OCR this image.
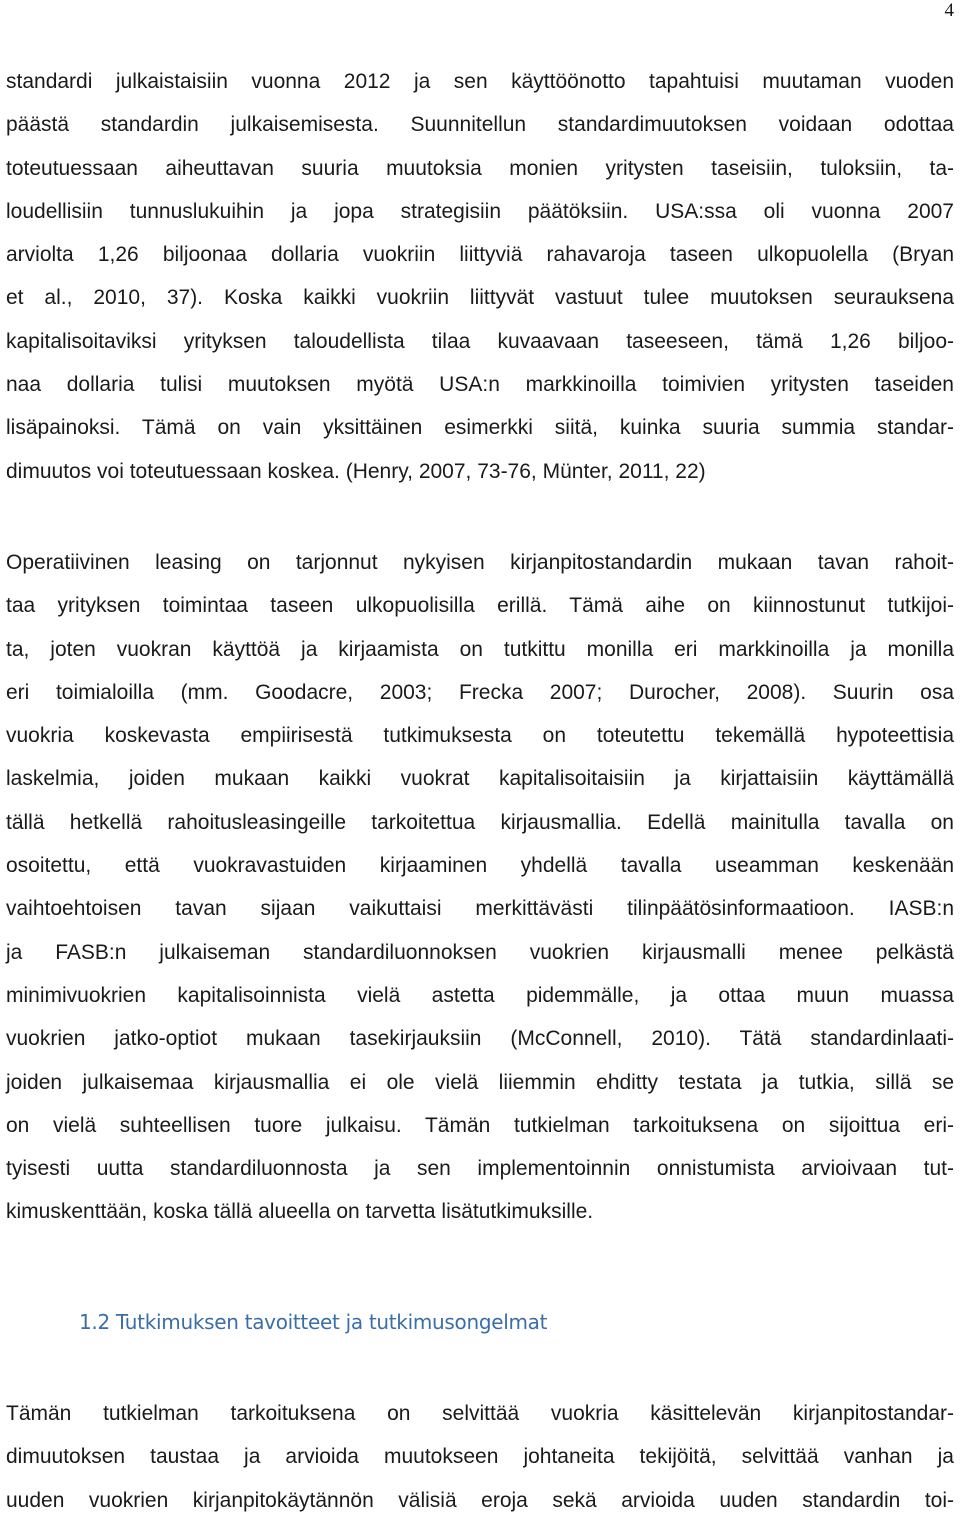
4
standardi julkaistaisiin vuonna 2012 ja sen käyttöönotto tapahtuisi muutaman vuoden
päästä standardin julkaisemisesta. Suunnitellun standardimuutoksen voidaan odottaa
toteutuessaan aiheuttavan suuria muutoksia monien yritysten taseisiin, tuloksiin, ta-
loudellisiin tunnuslukuihin ja jopa strategisiin päätöksiin. USA:ssa oli vuonna 2007
arviolta 1,26 biljoonaa dollaria vuokriin liittyviä rahavaroja taseen ulkopuolella (Bryan
et al., 2010, 37). Koska kaikki vuokriin liittyvät vastuut tulee muutoksen seurauksena
kapitalisoitaviksi yrityksen taloudellista tilaa kuvaavaan taseeseen, tämä 1,26 biljoo-
naa dollaria tulisi muutoksen myötä USA:n markkinoilla toimivien yritysten taseiden
lisäpainoksi. Tämä on vain yksittäinen esimerkki siitä, kuinka suuria summia standar-
dimuutos voi toteutuessaan koskea. (Henry, 2007, 73-76, Münter, 2011, 22)
Operatiivinen leasing on tarjonnut nykyisen kirjanpitostandardin mukaan tavan rahoit-
taa yrityksen toimintaa taseen ulkopuolisilla erillä. Tämä aihe on kiinnostunut tutkijoi-
ta, joten vuokran käyttöä ja kirjaamista on tutkittu monilla eri markkinoilla ja monilla
eri toimialoilla (mm. Goodacre, 2003; Frecka 2007; Durocher, 2008). Suurin osa
vuokria koskevasta empiirisestä tutkimuksesta on toteutettu tekemällä hypoteettisia
laskelmia, joiden mukaan kaikki vuokrat kapitalisoitaisiin ja kirjattaisiin käyttämällä
tällä hetkellä rahoitusleasingeille tarkoitettua kirjausmallia. Edellä mainitulla tavalla on
osoitettu, että vuokravastuiden kirjaaminen yhdellä tavalla useamman keskenään
vaihtoehtoisen tavan sijaan vaikuttaisi merkittävästi tilinpäätösinformaatioon. IASB:n
ja FASB:n julkaiseman standardiluonnoksen vuokrien kirjausmalli menee pelkästä
minimivuokrien kapitalisoinnista vielä astetta pidemmälle, ja ottaa muun muassa
vuokrien jatko-optiot mukaan tasekirjauksiin (McConnell, 2010). Tätä standardinlaati-
joiden julkaisemaa kirjausmallia ei ole vielä liiemmin ehditty testata ja tutkia, sillä se
on vielä suhteellisen tuore julkaisu. Tämän tutkielman tarkoituksena on sijoittua eri-
tyisesti uutta standardiluonnosta ja sen implementoinnin onnistumista arvioivaan tut-
kimuskenttään, koska tällä alueella on tarvetta lisätutkimuksille.
1.2 Tutkimuksen tavoitteet ja tutkimusongelmat
Tämän tutkielman tarkoituksena on selvittää vuokria käsittelevän kirjanpitostandar-
dimuutoksen taustaa ja arvioida muutokseen johtaneita tekijöitä, selvittää vanhan ja
uuden vuokrien kirjanpitokäytännön välisiä eroja sekä arvioida uuden standardin toi-
